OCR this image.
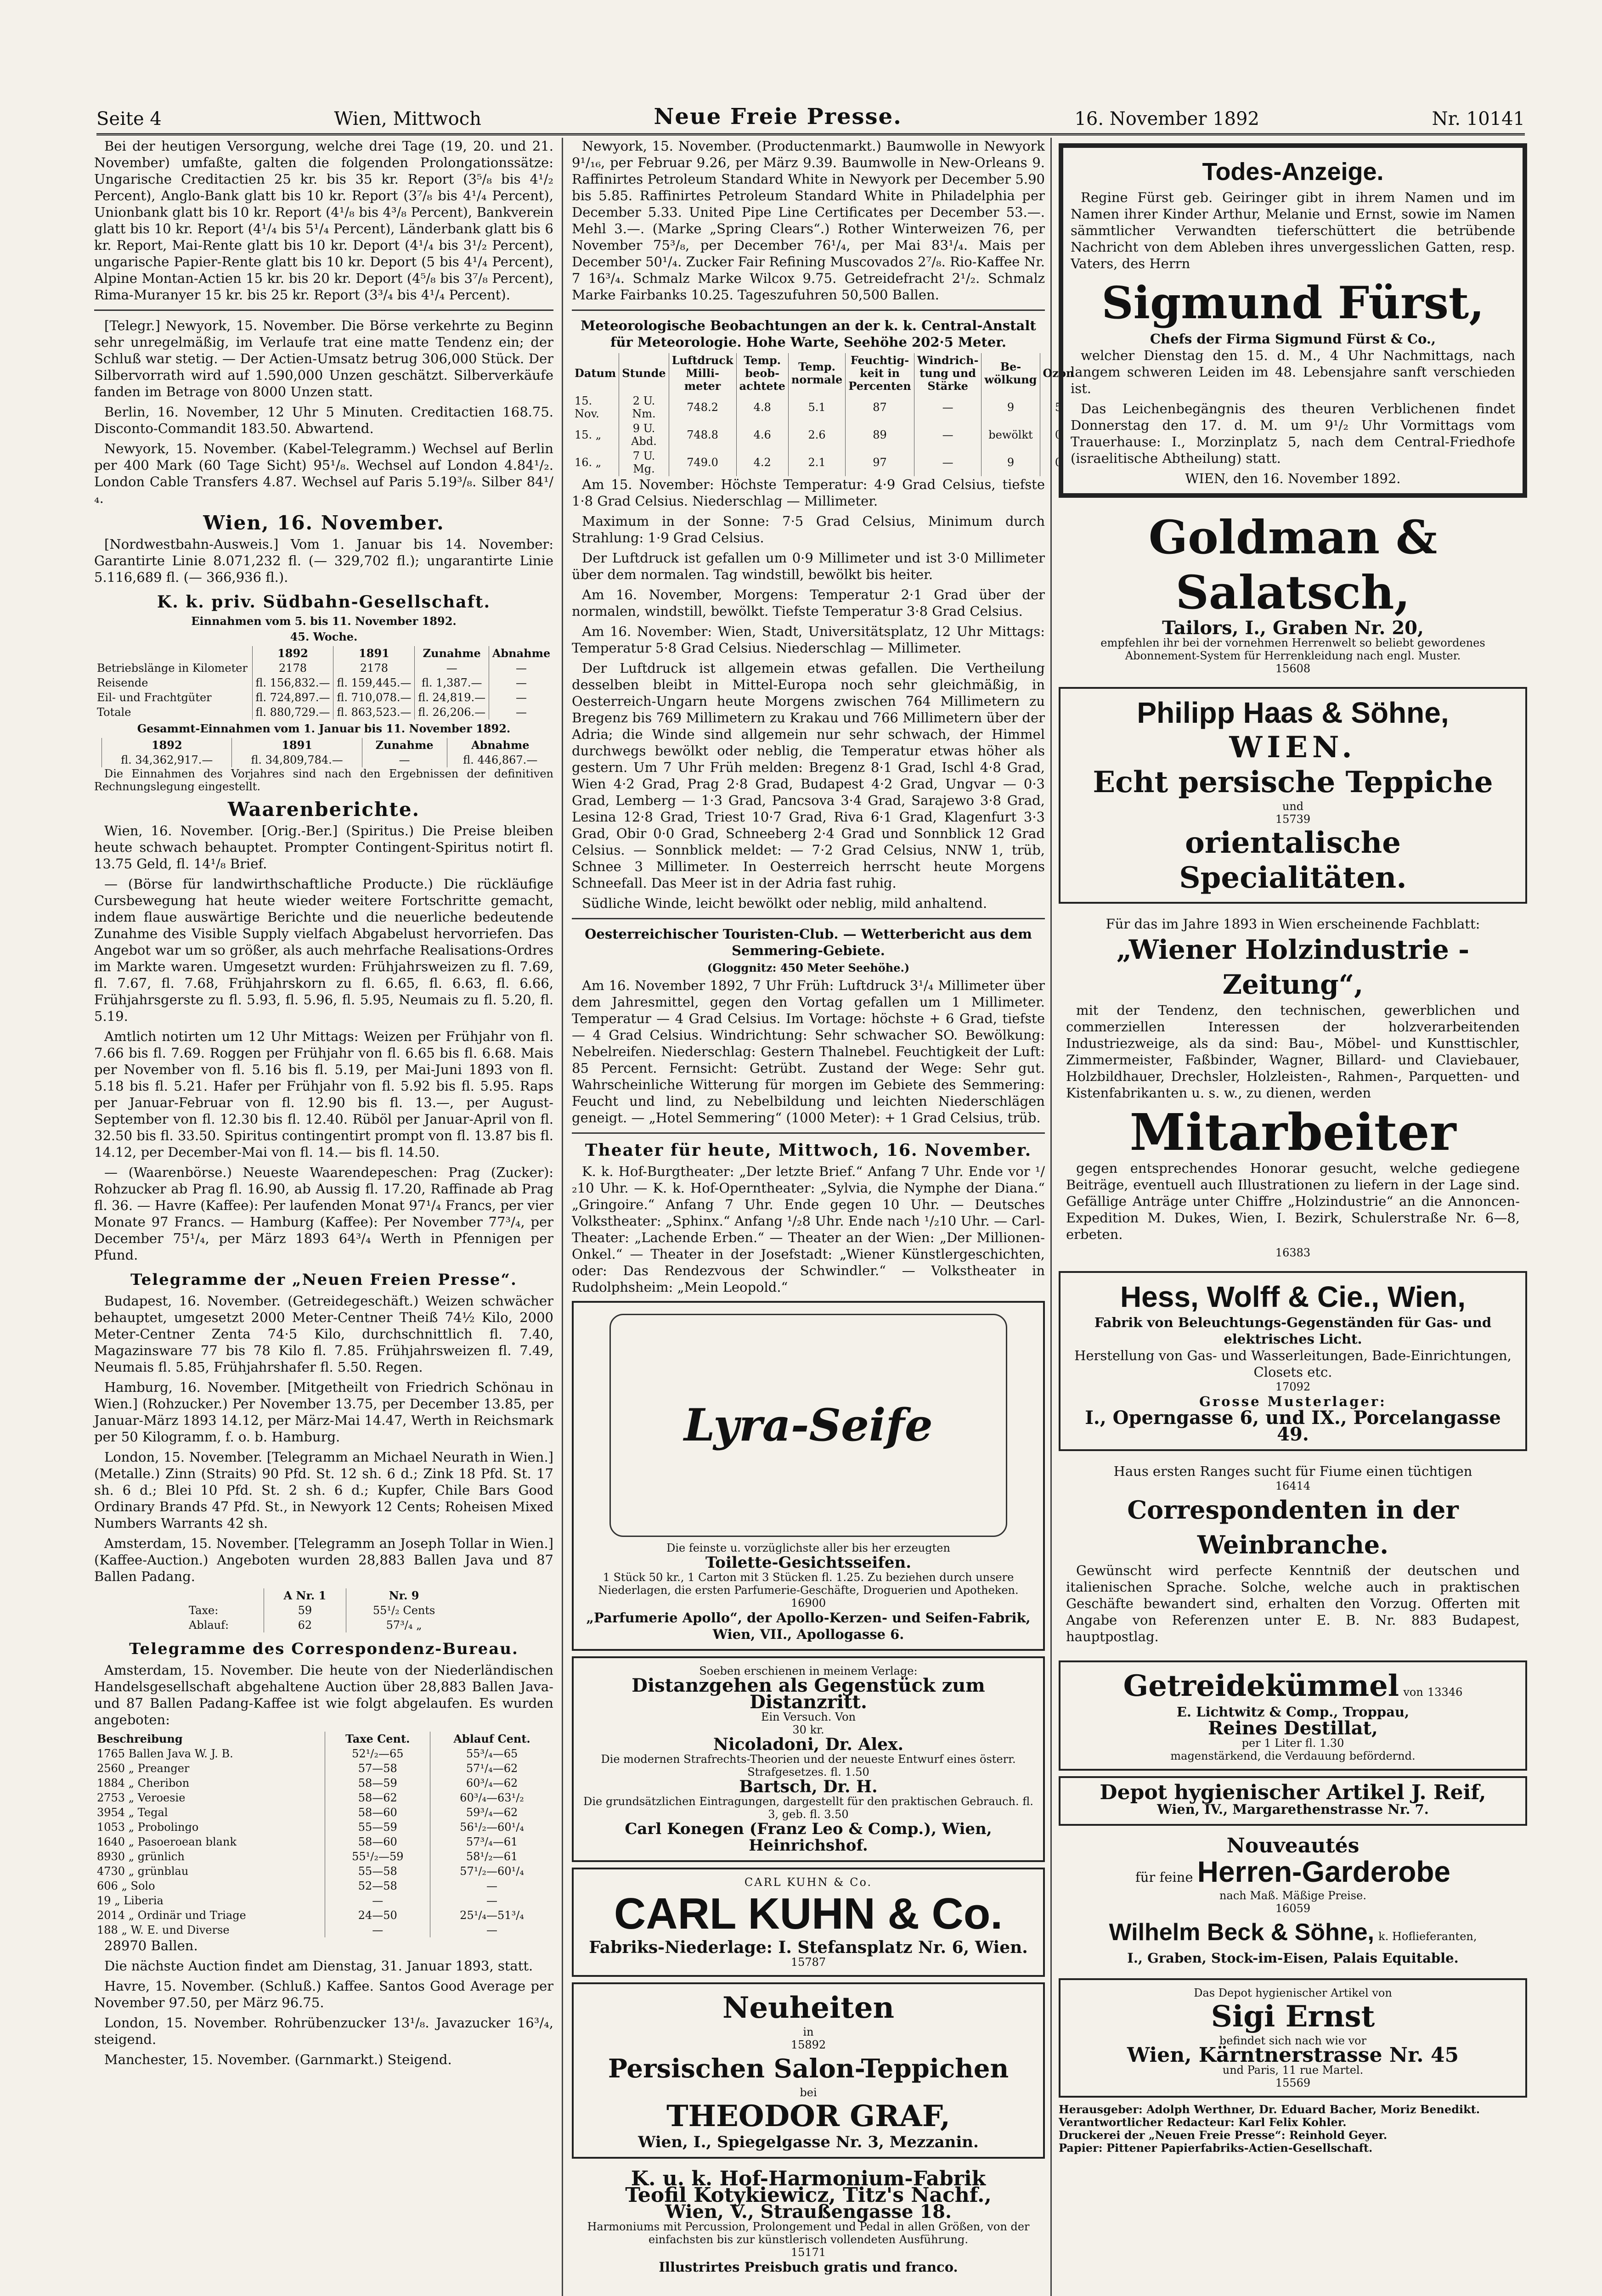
Seite 4	Wien, Mittwoch	Neue Freie Presse.	16. November 1892	Nr. 10141

Bei der heutigen Versorgung, welche drei Tage (19, 20. und 21. November) umfaßte, galten die folgenden Prolongationssätze: Ungarische Creditactien 25 kr. bis 35 kr. Report (3⁵/₈ bis 4¹/₂ Percent), Anglo-Bank glatt bis 10 kr. Report (3⁷/₈ bis 4¹/₄ Percent), Unionbank glatt bis 10 kr. Report (4¹/₈ bis 4³/₈ Percent), Bankverein glatt bis 10 kr. Report (4¹/₄ bis 5¹/₄ Percent), Länderbank glatt bis 6 kr. Report, Mai-Rente glatt bis 10 kr. Deport (4¹/₄ bis 3¹/₂ Percent), ungarische Papier-Rente glatt bis 10 kr. Deport (5 bis 4¹/₄ Percent), Alpine Montan-Actien 15 kr. bis 20 kr. Deport (4⁵/₈ bis 3⁷/₈ Percent), Rima-Muranyer 15 kr. bis 25 kr. Report (3³/₄ bis 4¹/₄ Percent).

[Telegr.] Newyork, 15. November. Die Börse verkehrte zu Beginn sehr unregelmäßig, im Verlaufe trat eine matte Tendenz ein; der Schluß war stetig. — Der Actien-Umsatz betrug 306,000 Stück. Der Silbervorrath wird auf 1.590,000 Unzen geschätzt. Silberverkäufe fanden im Betrage von 8000 Unzen statt.

Berlin, 16. November, 12 Uhr 5 Minuten. Creditactien 168.75. Disconto-Commandit 183.50. Abwartend.

Newyork, 15. November. (Kabel-Telegramm.) Wechsel auf Berlin per 400 Mark (60 Tage Sicht) 95¹/₈. Wechsel auf London 4.84¹/₂. London Cable Transfers 4.87. Wechsel auf Paris 5.19³/₈. Silber 84¹/₄.

Wien, 16. November.

[Nordwestbahn-Ausweis.] Vom 1. Januar bis 14. November: Garantirte Linie 8.071,232 fl. (— 329,702 fl.); ungarantirte Linie 5.116,689 fl. (— 366,936 fl.).

K. k. priv. Südbahn-Gesellschaft.
Einnahmen vom 5. bis 11. November 1892.
45. Woche.
	1892	1891	Zunahme	Abnahme
Betriebslänge in Kilometer	2178	2178	—	—
Reisende	fl. 156,832.—	fl. 159,445.—	fl. 1,387.—	—
Eil- und Frachtgüter	fl. 724,897.—	fl. 710,078.—	fl. 24,819.—	—
Totale	fl. 880,729.—	fl. 863,523.—	fl. 26,206.—	—
Gesammt-Einnahmen vom 1. Januar bis 11. November 1892.
	1892	1891	Zunahme	Abnahme
	fl. 34,362,917.—	fl. 34,809,784.—	—	fl. 446,867.—

Die Einnahmen des Vorjahres sind nach den Ergebnissen der definitiven Rechnungslegung eingestellt.

Waarenberichte.

Wien, 16. November. [Orig.-Ber.] (Spiritus.) Die Preise bleiben heute schwach behauptet. Prompter Contingent-Spiritus notirt fl. 13.75 Geld, fl. 14¹/₈ Brief.

— (Börse für landwirthschaftliche Producte.) Die rückläufige Cursbewegung hat heute wieder weitere Fortschritte gemacht, indem flaue auswärtige Berichte und die neuerliche bedeutende Zunahme des Visible Supply vielfach Abgabelust hervorriefen. Das Angebot war um so größer, als auch mehrfache Realisations-Ordres im Markte waren. Umgesetzt wurden: Frühjahrsweizen zu fl. 7.69, fl. 7.67, fl. 7.68, Frühjahrskorn zu fl. 6.65, fl. 6.63, fl. 6.66, Frühjahrsgerste zu fl. 5.93, fl. 5.96, fl. 5.95, Neumais zu fl. 5.20, fl. 5.19.

Amtlich notirten um 12 Uhr Mittags: Weizen per Frühjahr von fl. 7.66 bis fl. 7.69. Roggen per Frühjahr von fl. 6.65 bis fl. 6.68. Mais per November von fl. 5.16 bis fl. 5.19, per Mai-Juni 1893 von fl. 5.18 bis fl. 5.21. Hafer per Frühjahr von fl. 5.92 bis fl. 5.95. Raps per Januar-Februar von fl. 12.90 bis fl. 13.—, per August-September von fl. 12.30 bis fl. 12.40. Rüböl per Januar-April von fl. 32.50 bis fl. 33.50. Spiritus contingentirt prompt von fl. 13.87 bis fl. 14.12, per December-Mai von fl. 14.— bis fl. 14.50.

— (Waarenbörse.) Neueste Waarendepeschen: Prag (Zucker): Rohzucker ab Prag fl. 16.90, ab Aussig fl. 17.20, Raffinade ab Prag fl. 36. — Havre (Kaffee): Per laufenden Monat 97¹/₄ Francs, per vier Monate 97 Francs. — Hamburg (Kaffee): Per November 77³/₄, per December 75¹/₄, per März 1893 64³/₄ Werth in Pfennigen per Pfund.

Telegramme der „Neuen Freien Presse“.

Budapest, 16. November. (Getreidegeschäft.) Weizen schwächer behauptet, umgesetzt 2000 Meter-Centner Theiß 74½ Kilo, 2000 Meter-Centner Zenta 74·5 Kilo, durchschnittlich fl. 7.40, Magazinsware 77 bis 78 Kilo fl. 7.85. Frühjahrsweizen fl. 7.49, Neumais fl. 5.85, Frühjahrshafer fl. 5.50. Regen.

Hamburg, 16. November. [Mitgetheilt von Friedrich Schönau in Wien.] (Rohzucker.) Per November 13.75, per December 13.85, per Januar-März 1893 14.12, per März-Mai 14.47, Werth in Reichsmark per 50 Kilogramm, f. o. b. Hamburg.

London, 15. November. [Telegramm an Michael Neurath in Wien.] (Metalle.) Zinn (Straits) 90 Pfd. St. 12 sh. 6 d.; Zink 18 Pfd. St. 17 sh. 6 d.; Blei 10 Pfd. St. 2 sh. 6 d.; Kupfer, Chile Bars Good Ordinary Brands 47 Pfd. St., in Newyork 12 Cents; Roheisen Mixed Numbers Warrants 42 sh.

Amsterdam, 15. November. [Telegramm an Joseph Tollar in Wien.] (Kaffee-Auction.) Angeboten wurden 28,883 Ballen Java und 87 Ballen Padang.

	A Nr. 1	Nr. 9
Taxe:	59	55¹/₂ Cents
Ablauf:	62	57³/₄ „
Telegramme des Correspondenz-Bureau.

Amsterdam, 15. November. Die heute von der Niederländischen Handelsgesellschaft abgehaltene Auction über 28,883 Ballen Java- und 87 Ballen Padang-Kaffee ist wie folgt abgelaufen. Es wurden angeboten:

Beschreibung	Taxe Cent.	Ablauf Cent.
1765 Ballen Java W. J. B.	52¹/₂—65	55³/₄—65
2560 „ Preanger	57—58	57¹/₄—62
1884 „ Cheribon	58—59	60³/₄—62
2753 „ Veroesie	58—62	60³/₄—63¹/₂
3954 „ Tegal	58—60	59³/₄—62
1053 „ Probolingo	55—59	56¹/₂—60¹/₄
1640 „ Pasoeroean blank	58—60	57³/₄—61
8930 „ grünlich	55¹/₂—59	58¹/₂—61
4730 „ grünblau	55—58	57¹/₂—60¹/₄
606 „ Solo	52—58	—
19 „ Liberia	—	—
2014 „ Ordinär und Triage	24—50	25¹/₄—51³/₄
188 „ W. E. und Diverse	—	—

28970 Ballen.

Die nächste Auction findet am Dienstag, 31. Januar 1893, statt.

Havre, 15. November. (Schluß.) Kaffee. Santos Good Average per November 97.50, per März 96.75.

London, 15. November. Rohrübenzucker 13¹/₈. Javazucker 16³/₄, steigend.

Manchester, 15. November. (Garnmarkt.) Steigend.

Newyork, 15. November. (Productenmarkt.) Baumwolle in Newyork 9¹/₁₆, per Februar 9.26, per März 9.39. Baumwolle in New-Orleans 9. Raffinirtes Petroleum Standard White in Newyork per December 5.90 bis 5.85. Raffinirtes Petroleum Standard White in Philadelphia per December 5.33. United Pipe Line Certificates per December 53.—. Mehl 3.—. (Marke „Spring Clears“.) Rother Winterweizen 76, per November 75³/₈, per December 76¹/₄, per Mai 83¹/₄. Mais per December 50¹/₄. Zucker Fair Refining Muscovados 2⁷/₈. Rio-Kaffee Nr. 7 16³/₄. Schmalz Marke Wilcox 9.75. Getreidefracht 2¹/₂. Schmalz Marke Fairbanks 10.25. Tageszufuhren 50,500 Ballen.

Meteorologische Beobachtungen an der k. k. Central-Anstalt für Meteorologie. Hohe Warte, Seehöhe 202·5 Meter.
Datum	Stunde	Luftdruck Milli-meter	Temp. beob-achtete	Temp. normale	Feuchtig-keit in Percenten	Windrich-tung und Stärke	Be-wölkung	Ozon
15. Nov.	2 U. Nm.	748.2	4.8	5.1	87	—	9	5
15. „	9 U. Abd.	748.8	4.6	2.6	89	—	bewölkt	0
16. „	7 U. Mg.	749.0	4.2	2.1	97	—	9	0

Am 15. November: Höchste Temperatur: 4·9 Grad Celsius, tiefste 1·8 Grad Celsius. Niederschlag — Millimeter.

Maximum in der Sonne: 7·5 Grad Celsius, Minimum durch Strahlung: 1·9 Grad Celsius.

Der Luftdruck ist gefallen um 0·9 Millimeter und ist 3·0 Millimeter über dem normalen. Tag windstill, bewölkt bis heiter.

Am 16. November, Morgens: Temperatur 2·1 Grad über der normalen, windstill, bewölkt. Tiefste Temperatur 3·8 Grad Celsius.

Am 16. November: Wien, Stadt, Universitätsplatz, 12 Uhr Mittags: Temperatur 5·8 Grad Celsius. Niederschlag — Millimeter.

Der Luftdruck ist allgemein etwas gefallen. Die Vertheilung desselben bleibt in Mittel-Europa noch sehr gleichmäßig, in Oesterreich-Ungarn heute Morgens zwischen 764 Millimetern zu Bregenz bis 769 Millimetern zu Krakau und 766 Millimetern über der Adria; die Winde sind allgemein nur sehr schwach, der Himmel durchwegs bewölkt oder neblig, die Temperatur etwas höher als gestern. Um 7 Uhr Früh melden: Bregenz 8·1 Grad, Ischl 4·8 Grad, Wien 4·2 Grad, Prag 2·8 Grad, Budapest 4·2 Grad, Ungvar — 0·3 Grad, Lemberg — 1·3 Grad, Pancsova 3·4 Grad, Sarajewo 3·8 Grad, Lesina 12·8 Grad, Triest 10·7 Grad, Riva 6·1 Grad, Klagenfurt 3·3 Grad, Obir 0·0 Grad, Schneeberg 2·4 Grad und Sonnblick 12 Grad Celsius. — Sonnblick meldet: — 7·2 Grad Celsius, NNW 1, trüb, Schnee 3 Millimeter. In Oesterreich herrscht heute Morgens Schneefall. Das Meer ist in der Adria fast ruhig.

Südliche Winde, leicht bewölkt oder neblig, mild anhaltend.

Oesterreichischer Touristen-Club. — Wetterbericht aus dem Semmering-Gebiete.
(Gloggnitz: 450 Meter Seehöhe.)

Am 16. November 1892, 7 Uhr Früh: Luftdruck 3¹/₄ Millimeter über dem Jahresmittel, gegen den Vortag gefallen um 1 Millimeter. Temperatur — 4 Grad Celsius. Im Vortage: höchste + 6 Grad, tiefste — 4 Grad Celsius. Windrichtung: Sehr schwacher SO. Bewölkung: Nebelreifen. Niederschlag: Gestern Thalnebel. Feuchtigkeit der Luft: 85 Percent. Fernsicht: Getrübt. Zustand der Wege: Sehr gut. Wahrscheinliche Witterung für morgen im Gebiete des Semmering: Feucht und lind, zu Nebelbildung und leichten Niederschlägen geneigt. — „Hotel Semmering“ (1000 Meter): + 1 Grad Celsius, trüb.

Theater für heute, Mittwoch, 16. November.

K. k. Hof-Burgtheater: „Der letzte Brief.“ Anfang 7 Uhr. Ende vor ¹/₂10 Uhr. — K. k. Hof-Operntheater: „Sylvia, die Nymphe der Diana.“ „Gringoire.“ Anfang 7 Uhr. Ende gegen 10 Uhr. — Deutsches Volkstheater: „Sphinx.“ Anfang ¹/₂8 Uhr. Ende nach ¹/₂10 Uhr. — Carl-Theater: „Lachende Erben.“ — Theater an der Wien: „Der Millionen-Onkel.“ — Theater in der Josefstadt: „Wiener Künstlergeschichten, oder: Das Rendezvous der Schwindler.“ — Volkstheater in Rudolphsheim: „Mein Leopold.“

Lyra-Seife
Die feinste u. vorzüglichste aller bis her erzeugten
Toilette-Gesichtsseifen.
1 Stück 50 kr., 1 Carton mit 3 Stücken fl. 1.25. Zu beziehen durch unsere Niederlagen, die ersten Parfumerie-Geschäfte, Droguerien und Apotheken.
16900
„Parfumerie Apollo“, der Apollo-Kerzen- und Seifen-Fabrik, Wien, VII., Apollogasse 6.
Soeben erschienen in meinem Verlage:
Distanzgehen als Gegenstück zum Distanzritt.
Ein Versuch. Von
30 kr.
Nicoladoni, Dr. Alex.
Die modernen Strafrechts-Theorien und der neueste Entwurf eines österr. Strafgesetzes. fl. 1.50
Bartsch, Dr. H.
Die grundsätzlichen Eintragungen, dargestellt für den praktischen Gebrauch. fl. 3, geb. fl. 3.50
Carl Konegen (Franz Leo & Comp.), Wien, Heinrichshof.
CARL KUHN & Co.
CARL KUHN & Co.
Fabriks-Niederlage: I. Stefansplatz Nr. 6, Wien.
15787
Neuheiten
in
15892
Persischen Salon-Teppichen
bei
THEODOR GRAF,
Wien, I., Spiegelgasse Nr. 3, Mezzanin.
K. u. k. Hof-Harmonium-Fabrik
Teofil Kotykiewicz, Titz's Nachf.,
Wien, V., Straußengasse 18.
Harmoniums mit Percussion, Prolongement und Pedal in allen Größen, von der einfachsten bis zur künstlerisch vollendeten Ausführung.
15171
Illustrirtes Preisbuch gratis und franco.
Todes-Anzeige.

Regine Fürst geb. Geiringer gibt in ihrem Namen und im Namen ihrer Kinder Arthur, Melanie und Ernst, sowie im Namen sämmtlicher Verwandten tieferschüttert die betrübende Nachricht von dem Ableben ihres unvergesslichen Gatten, resp. Vaters, des Herrn

Sigmund Fürst,
Chefs der Firma Sigmund Fürst & Co.,

welcher Dienstag den 15. d. M., 4 Uhr Nachmittags, nach langem schweren Leiden im 48. Lebensjahre sanft verschieden ist.

Das Leichenbegängnis des theuren Verblichenen findet Donnerstag den 17. d. M. um 9¹/₂ Uhr Vormittags vom Trauerhause: I., Morzinplatz 5, nach dem Central-Friedhofe (israelitische Abtheilung) statt.

WIEN, den 16. November 1892.
Goldman & Salatsch,
Tailors, I., Graben Nr. 20,
empfehlen ihr bei der vornehmen Herrenwelt so beliebt gewordenes Abonnement-System für Herrenkleidung nach engl. Muster.
15608
Philipp Haas & Söhne,
WIEN.
Echt persische Teppiche
und
15739
orientalische Specialitäten.
Für das im Jahre 1893 in Wien erscheinende Fachblatt:
„Wiener Holzindustrie - Zeitung“,

mit der Tendenz, den technischen, gewerblichen und commerziellen Interessen der holzverarbeitenden Industriezweige, als da sind: Bau-, Möbel- und Kunsttischler, Zimmermeister, Faßbinder, Wagner, Billard- und Claviebauer, Holzbildhauer, Drechsler, Holzleisten-, Rahmen-, Parquetten- und Kistenfabrikanten u. s. w., zu dienen, werden

Mitarbeiter

gegen entsprechendes Honorar gesucht, welche gediegene Beiträge, eventuell auch Illustrationen zu liefern in der Lage sind. Gefällige Anträge unter Chiffre „Holzindustrie“ an die Annoncen-Expedition M. Dukes, Wien, I. Bezirk, Schulerstraße Nr. 6—8, erbeten.

16383
Hess, Wolff & Cie., Wien,
Fabrik von Beleuchtungs-Gegenständen für Gas- und elektrisches Licht.
Herstellung von Gas- und Wasserleitungen, Bade-Einrichtungen, Closets etc.
17092
Grosse Musterlager:
I., Operngasse 6, und IX., Porcelangasse 49.
Haus ersten Ranges sucht für Fiume einen tüchtigen
16414
Correspondenten in der Weinbranche.

Gewünscht wird perfecte Kenntniß der deutschen und italienischen Sprache. Solche, welche auch in praktischen Geschäfte bewandert sind, erhalten den Vorzug. Offerten mit Angabe von Referenzen unter E. B. Nr. 883 Budapest, hauptpostlag.

Getreidekümmel von 13346
E. Lichtwitz & Comp., Troppau,
Reines Destillat,
per 1 Liter fl. 1.30
magenstärkend, die Verdauung befördernd.
Depot hygienischer Artikel J. Reif,
Wien, IV., Margarethenstrasse Nr. 7.
Nouveautés
für feine Herren-Garderobe
nach Maß. Mäßige Preise.
16059
Wilhelm Beck & Söhne, k. Hoflieferanten,
I., Graben, Stock-im-Eisen, Palais Equitable.
Das Depot hygienischer Artikel von
Sigi Ernst
befindet sich nach wie vor
Wien, Kärntnerstrasse Nr. 45
und Paris, 11 rue Martel.
15569
Herausgeber: Adolph Werthner, Dr. Eduard Bacher, Moriz Benedikt.
Verantwortlicher Redacteur: Karl Felix Kohler.
Druckerei der „Neuen Freie Presse“: Reinhold Geyer.
Papier: Pittener Papierfabriks-Actien-Gesellschaft.
